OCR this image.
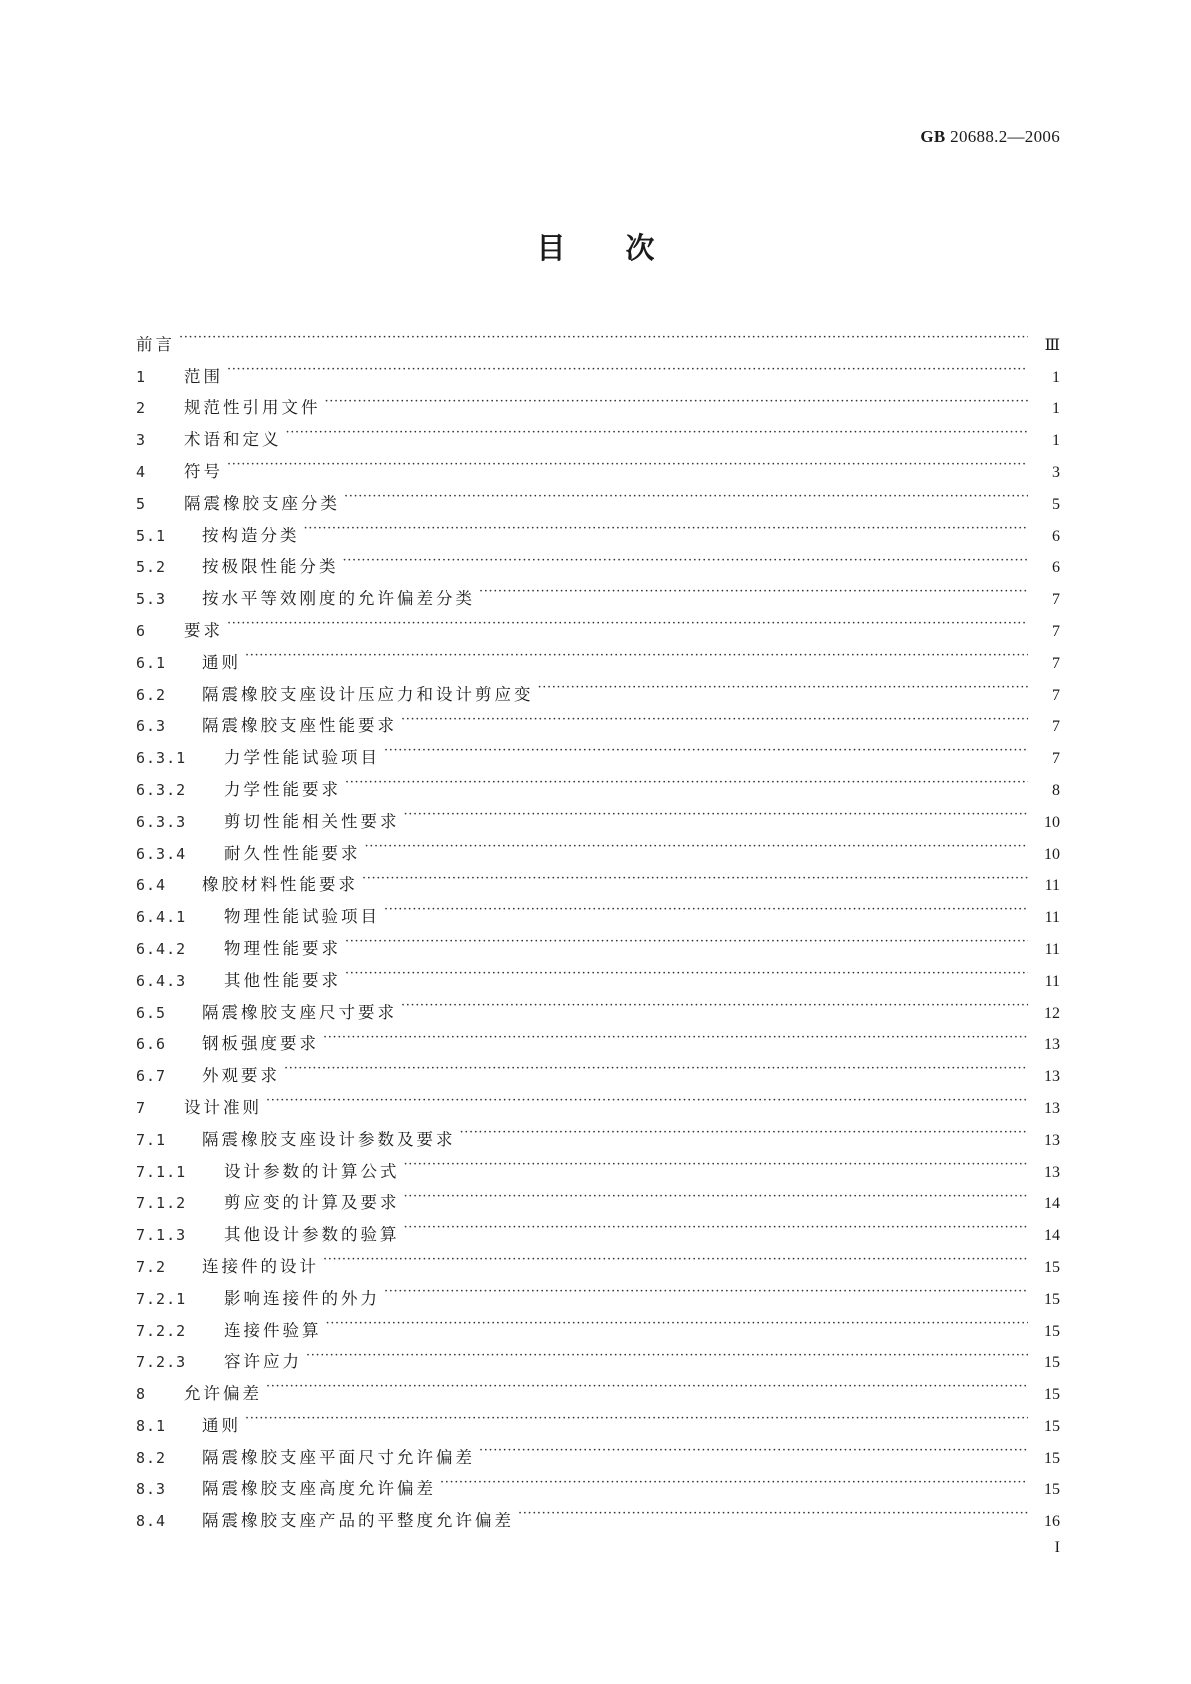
GB 20688.2—2006
目次
前言 ·····	Ⅲ
1	范围 ·····	1
2	规范性引用文件 ·····	1
3	术语和定义 ·····	1
4	符号 ·····	3
5	隔震橡胶支座分类 ·····	5
5.1	按构造分类 ·····	6
5.2	按极限性能分类 ·····	6
5.3	按水平等效刚度的允许偏差分类 ·····	7
6	要求 ·····	7
6.1	通则 ·····	7
6.2	隔震橡胶支座设计压应力和设计剪应变 ·····	7
6.3	隔震橡胶支座性能要求 ·····	7
6.3.1	力学性能试验项目 ·····	7
6.3.2	力学性能要求 ·····	8
6.3.3	剪切性能相关性要求 ·····	10
6.3.4	耐久性性能要求 ·····	10
6.4	橡胶材料性能要求 ·····	11
6.4.1	物理性能试验项目 ·····	11
6.4.2	物理性能要求 ·····	11
6.4.3	其他性能要求 ·····	11
6.5	隔震橡胶支座尺寸要求 ·····	12
6.6	钢板强度要求 ·····	13
6.7	外观要求 ·····	13
7	设计准则 ·····	13
7.1	隔震橡胶支座设计参数及要求 ·····	13
7.1.1	设计参数的计算公式 ·····	13
7.1.2	剪应变的计算及要求 ·····	14
7.1.3	其他设计参数的验算 ·····	14
7.2	连接件的设计 ·····	15
7.2.1	影响连接件的外力 ·····	15
7.2.2	连接件验算 ·····	15
7.2.3	容许应力 ·····	15
8	允许偏差 ·····	15
8.1	通则 ·····	15
8.2	隔震橡胶支座平面尺寸允许偏差 ·····	15
8.3	隔震橡胶支座高度允许偏差 ·····	15
8.4	隔震橡胶支座产品的平整度允许偏差 ·····	16
I
